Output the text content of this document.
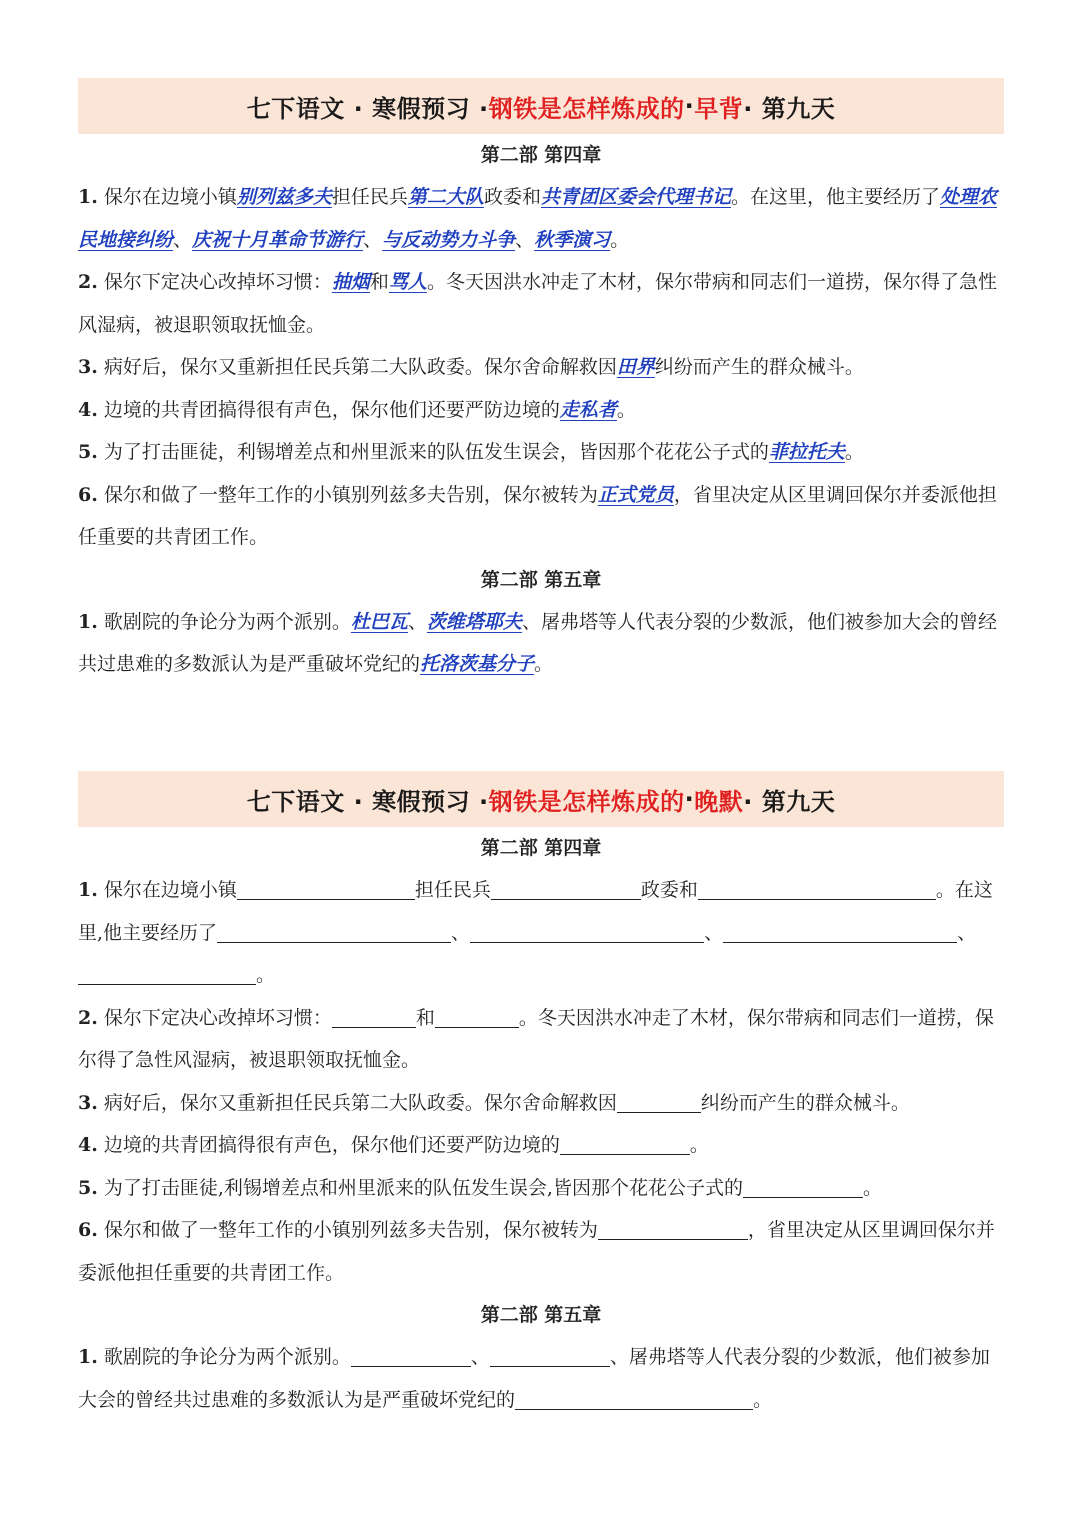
七下语文 · 寒假预习 · 钢铁是怎样炼成的 · 早背 · 第九天
第二部 第四章

1. 保尔在边境小镇别列兹多夫担任民兵第二大队政委和共青团区委会代理书记。在这里，他主要经历了处理农民地接纠纷、庆祝十月革命节游行、与反动势力斗争、秋季演习。

2. 保尔下定决心改掉坏习惯：抽烟和骂人。冬天因洪水冲走了木材，保尔带病和同志们一道捞，保尔得了急性风湿病，被退职领取抚恤金。

3. 病好后，保尔又重新担任民兵第二大队政委。保尔舍命解救因田界纠纷而产生的群众械斗。

4. 边境的共青团搞得很有声色，保尔他们还要严防边境的走私者。

5. 为了打击匪徒，利锡增差点和州里派来的队伍发生误会，皆因那个花花公子式的菲拉托夫。

6. 保尔和做了一整年工作的小镇别列兹多夫告别，保尔被转为正式党员，省里决定从区里调回保尔并委派他担任重要的共青团工作。

第二部 第五章

1. 歌剧院的争论分为两个派别。杜巴瓦、茨维塔耶夫、屠弗塔等人代表分裂的少数派，他们被参加大会的曾经共过患难的多数派认为是严重破坏党纪的托洛茨基分子。

七下语文 · 寒假预习 · 钢铁是怎样炼成的 · 晚默 · 第九天
第二部 第四章

1. 保尔在边境小镇	担任民兵	政委和	。在这里,他主要经历了	、	、	、
。

2. 保尔下定决心改掉坏习惯：	和	。冬天因洪水冲走了木材，保尔带病和同志们一道捞，保尔得了急性风湿病，被退职领取抚恤金。

3. 病好后，保尔又重新担任民兵第二大队政委。保尔舍命解救因	纠纷而产生的群众械斗。

4. 边境的共青团搞得很有声色，保尔他们还要严防边境的	。

5. 为了打击匪徒,利锡增差点和州里派来的队伍发生误会,皆因那个花花公子式的	。

6. 保尔和做了一整年工作的小镇别列兹多夫告别，保尔被转为	，省里决定从区里调回保尔并委派他担任重要的共青团工作。

第二部 第五章

1. 歌剧院的争论分为两个派别。	、	、屠弗塔等人代表分裂的少数派，他们被参加大会的曾经共过患难的多数派认为是严重破坏党纪的	。
